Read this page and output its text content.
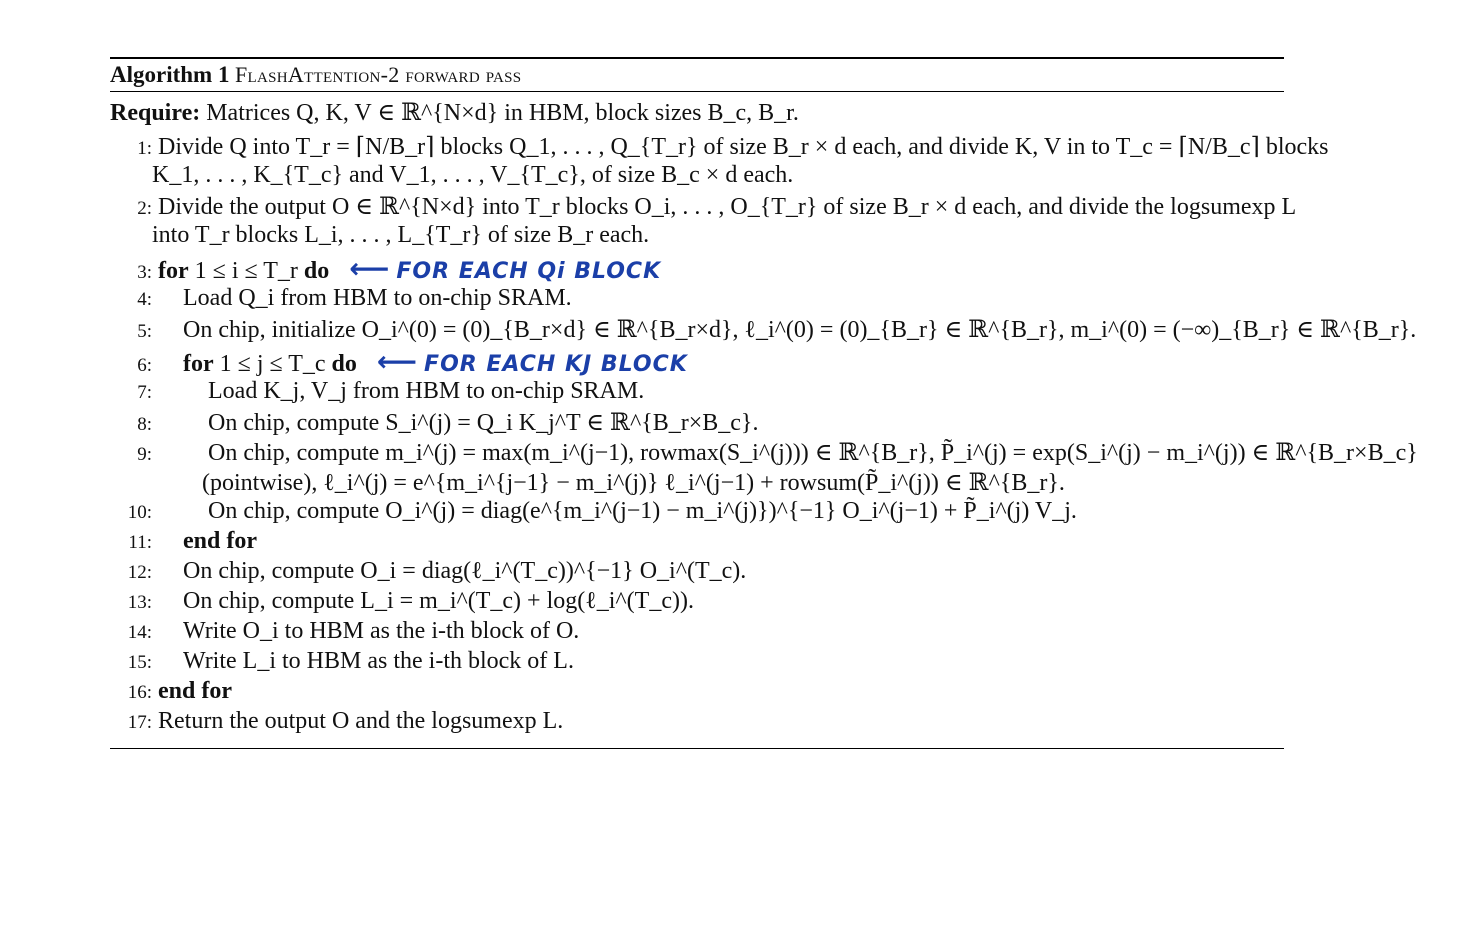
Algorithm 1 FlashAttention-2 forward pass
Require:
Matrices Q, K, V ∈ ℝ^{N×d} in HBM, block sizes B_c, B_r.
1: Divide Q into T_r = ⌈N/B_r⌉ blocks Q_1, . . . , Q_{T_r} of size B_r × d each, and divide K, V in to T_c = ⌈N/B_c⌉ blocks
K_1, . . . , K_{T_c} and V_1, . . . , V_{T_c}, of size B_c × d each.
2: Divide the output O ∈ ℝ^{N×d} into T_r blocks O_i, . . . , O_{T_r} of size B_r × d each, and divide the logsumexp L
into T_r blocks L_i, . . . , L_{T_r} of size B_r each.
3: for 1 ≤ i ≤ T_r do ⟵ FOR EACH Qi BLOCK
4:	Load Q_i from HBM to on-chip SRAM.
5:	On chip, initialize O_i^(0) = (0)_{B_r×d} ∈ ℝ^{B_r×d}, ℓ_i^(0) = (0)_{B_r} ∈ ℝ^{B_r}, m_i^(0) = (−∞)_{B_r} ∈ ℝ^{B_r}.
6:	for 1 ≤ j ≤ T_c do ⟵ FOR EACH KJ BLOCK
7:	Load K_j, V_j from HBM to on-chip SRAM.
8:	On chip, compute S_i^(j) = Q_i K_j^T ∈ ℝ^{B_r×B_c}.
9:	On chip, compute m_i^(j) = max(m_i^(j−1), rowmax(S_i^(j))) ∈ ℝ^{B_r}, P̃_i^(j) = exp(S_i^(j) − m_i^(j)) ∈ ℝ^{B_r×B_c}
(pointwise), ℓ_i^(j) = e^{m_i^{j−1} − m_i^(j)} ℓ_i^(j−1) + rowsum(P̃_i^(j)) ∈ ℝ^{B_r}.
10:	On chip, compute O_i^(j) = diag(e^{m_i^(j−1) − m_i^(j)})^{−1} O_i^(j−1) + P̃_i^(j) V_j.
11:	end for
12:	On chip, compute O_i = diag(ℓ_i^(T_c))^{−1} O_i^(T_c).
13:	On chip, compute L_i = m_i^(T_c) + log(ℓ_i^(T_c)).
14:	Write O_i to HBM as the i-th block of O.
15:	Write L_i to HBM as the i-th block of L.
16: end for
17: Return the output O and the logsumexp L.
